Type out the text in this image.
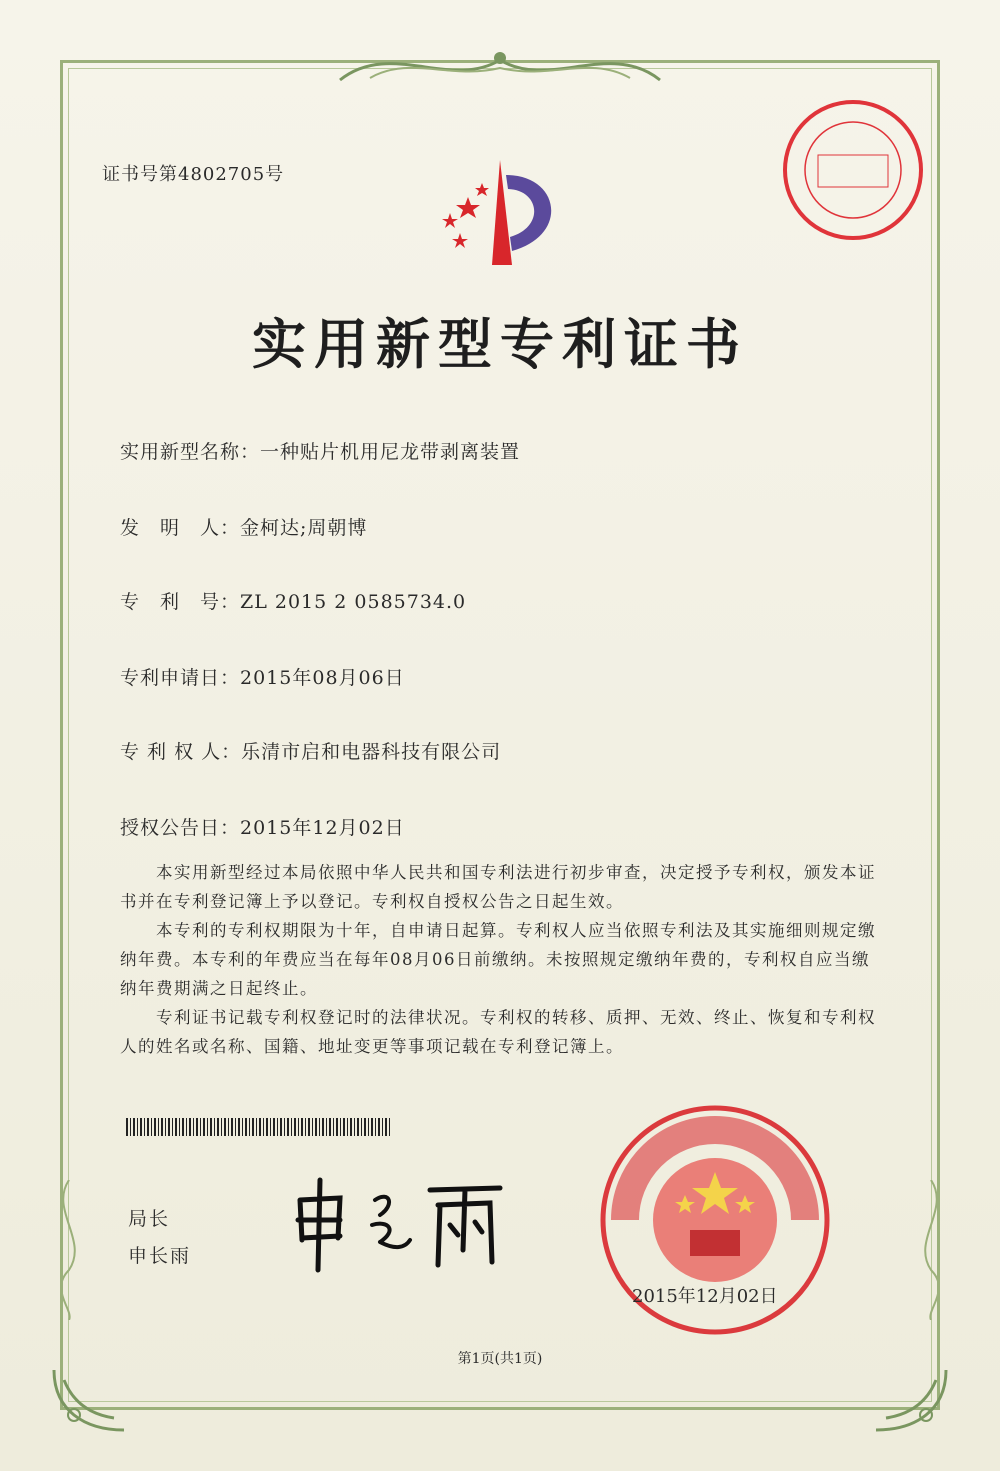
证书号第4802705号
实用新型专利证书
实用新型名称：一种贴片机用尼龙带剥离装置
发　明　人：金柯达;周朝博
专　利　号：ZL 2015 2 0585734.0
专利申请日：2015年08月06日
专 利 权 人：乐清市启和电器科技有限公司
授权公告日：2015年12月02日
本实用新型经过本局依照中华人民共和国专利法进行初步审查，决定授予专利权，颁发本证书并在专利登记簿上予以登记。专利权自授权公告之日起生效。
本专利的专利权期限为十年，自申请日起算。专利权人应当依照专利法及其实施细则规定缴纳年费。本专利的年费应当在每年08月06日前缴纳。未按照规定缴纳年费的，专利权自应当缴纳年费期满之日起终止。
专利证书记载专利权登记时的法律状况。专利权的转移、质押、无效、终止、恢复和专利权人的姓名或名称、国籍、地址变更等事项记载在专利登记簿上。
局长
申长雨
2015年12月02日
第1页(共1页)
